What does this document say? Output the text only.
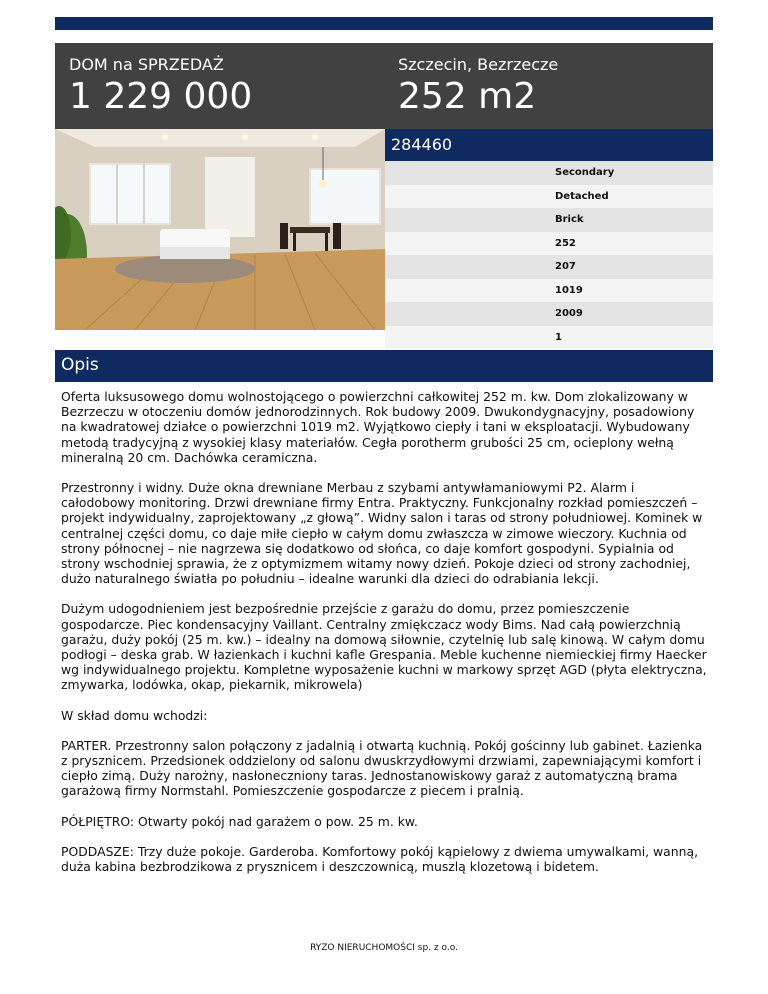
DOM na SPRZEDAŻ
1 229 000
Szczecin, Bezrzecze
252 m2
284460
Secondary
Detached
Brick
252
207
1019
2009
1
Opis

Oferta luksusowego domu wolnostojącego o powierzchni całkowitej 252 m. kw. Dom zlokalizowany w Bezrzeczu w otoczeniu domów jednorodzinnych. Rok budowy 2009. Dwukondygnacyjny, posadowiony na kwadratowej działce o powierzchni 1019 m2. Wyjątkowo ciepły i tani w eksploatacji. Wybudowany metodą tradycyjną z wysokiej klasy materiałów. Cegła porotherm grubości 25 cm, ocieplony wełną mineralną 20 cm. Dachówka ceramiczna.

Przestronny i widny. Duże okna drewniane Merbau z szybami antywłamaniowymi P2. Alarm i całodobowy monitoring. Drzwi drewniane firmy Entra. Praktyczny. Funkcjonalny rozkład pomieszczeń – projekt indywidualny, zaprojektowany „z głową”. Widny salon i taras od strony południowej. Kominek w centralnej części domu, co daje miłe ciepło w całym domu zwłaszcza w zimowe wieczory. Kuchnia od strony północnej – nie nagrzewa się dodatkowo od słońca, co daje komfort gospodyni. Sypialnia od strony wschodniej sprawia, że z optymizmem witamy nowy dzień. Pokoje dzieci od strony zachodniej, dużo naturalnego światła po południu – idealne warunki dla dzieci do odrabiania lekcji.

Dużym udogodnieniem jest bezpośrednie przejście z garażu do domu, przez pomieszczenie gospodarcze. Piec kondensacyjny Vaillant. Centralny zmiękczacz wody Bims. Nad całą powierzchnią garażu, duży pokój (25 m. kw.) – idealny na domową siłownie, czytelnię lub salę kinową. W całym domu podłogi – deska grab. W łazienkach i kuchni kafle Grespania. Meble kuchenne niemieckiej firmy Haecker wg indywidualnego projektu. Kompletne wyposażenie kuchni w markowy sprzęt AGD (płyta elektryczna, zmywarka, lodówka, okap, piekarnik, mikrowela)

W skład domu wchodzi:

PARTER. Przestronny salon połączony z jadalnią i otwartą kuchnią. Pokój gościnny lub gabinet. Łazienka z prysznicem. Przedsionek oddzielony od salonu dwuskrzydłowymi drzwiami, zapewniającymi komfort i ciepło zimą. Duży narożny, nasłoneczniony taras. Jednostanowiskowy garaż z automatyczną brama garażową firmy Normstahl. Pomieszczenie gospodarcze z piecem i pralnią.

PÓŁPIĘTRO: Otwarty pokój nad garażem o pow. 25 m. kw.

PODDASZE: Trzy duże pokoje. Garderoba. Komfortowy pokój kąpielowy z dwiema umywalkami, wanną, duża kabina bezbrodzikowa z prysznicem i deszczownicą, muszlą klozetową i bidetem.

RYZO NIERUCHOMOŚCI sp. z o.o.
